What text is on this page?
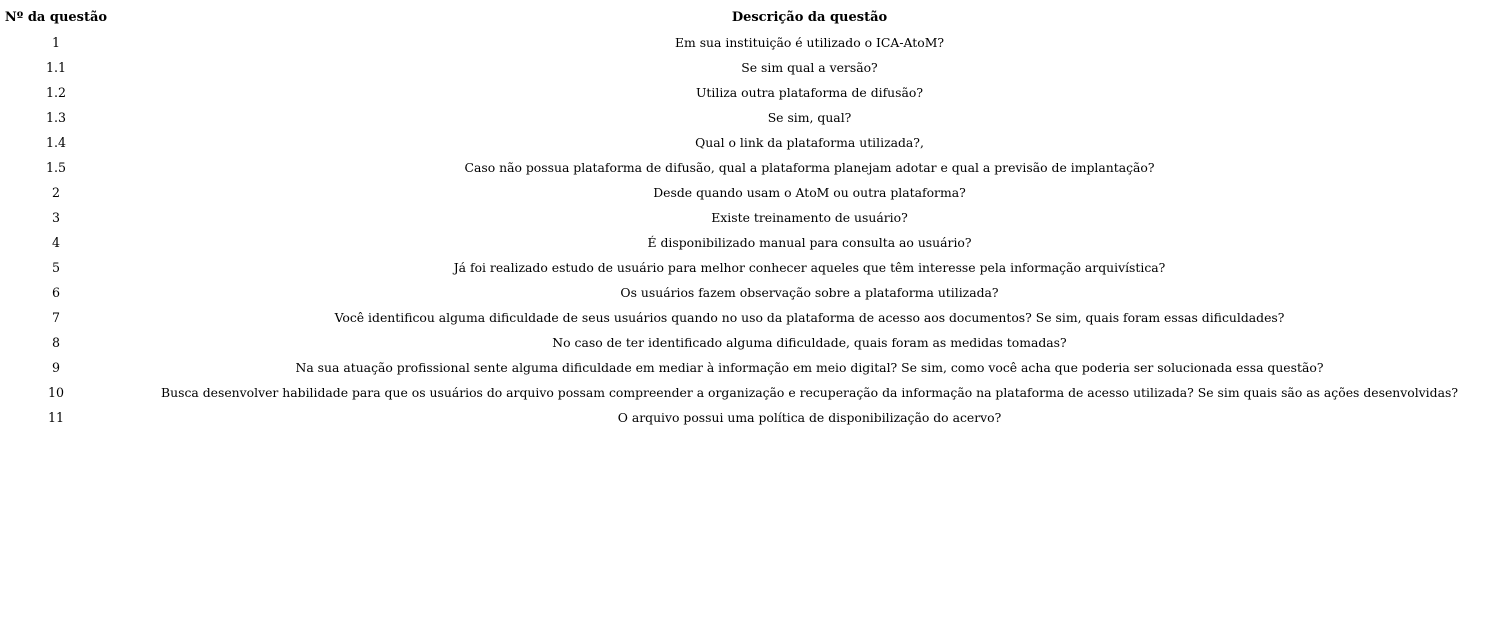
Nº da questão	Descrição da questão
1	Em sua instituição é utilizado o ICA-AtoM?
1.1	Se sim qual a versão?
1.2	Utiliza outra plataforma de difusão?
1.3	Se sim, qual?
1.4	Qual o link da plataforma utilizada?,
1.5	Caso não possua plataforma de difusão, qual a plataforma planejam adotar e qual a previsão de implantação?
2	Desde quando usam o AtoM ou outra plataforma?
3	Existe treinamento de usuário?
4	É disponibilizado manual para consulta ao usuário?
5	Já foi realizado estudo de usuário para melhor conhecer aqueles que têm interesse pela informação arquivística?
6	Os usuários fazem observação sobre a plataforma utilizada?
7	Você identificou alguma dificuldade de seus usuários quando no uso da plataforma de acesso aos documentos? Se sim, quais foram essas dificuldades?
8	No caso de ter identificado alguma dificuldade, quais foram as medidas tomadas?
9	Na sua atuação profissional sente alguma dificuldade em mediar à informação em meio digital? Se sim, como você acha que poderia ser solucionada essa questão?
10	Busca desenvolver habilidade para que os usuários do arquivo possam compreender a organização e recuperação da informação na plataforma de acesso utilizada? Se sim quais são as ações desenvolvidas?
11	O arquivo possui uma política de disponibilização do acervo?
